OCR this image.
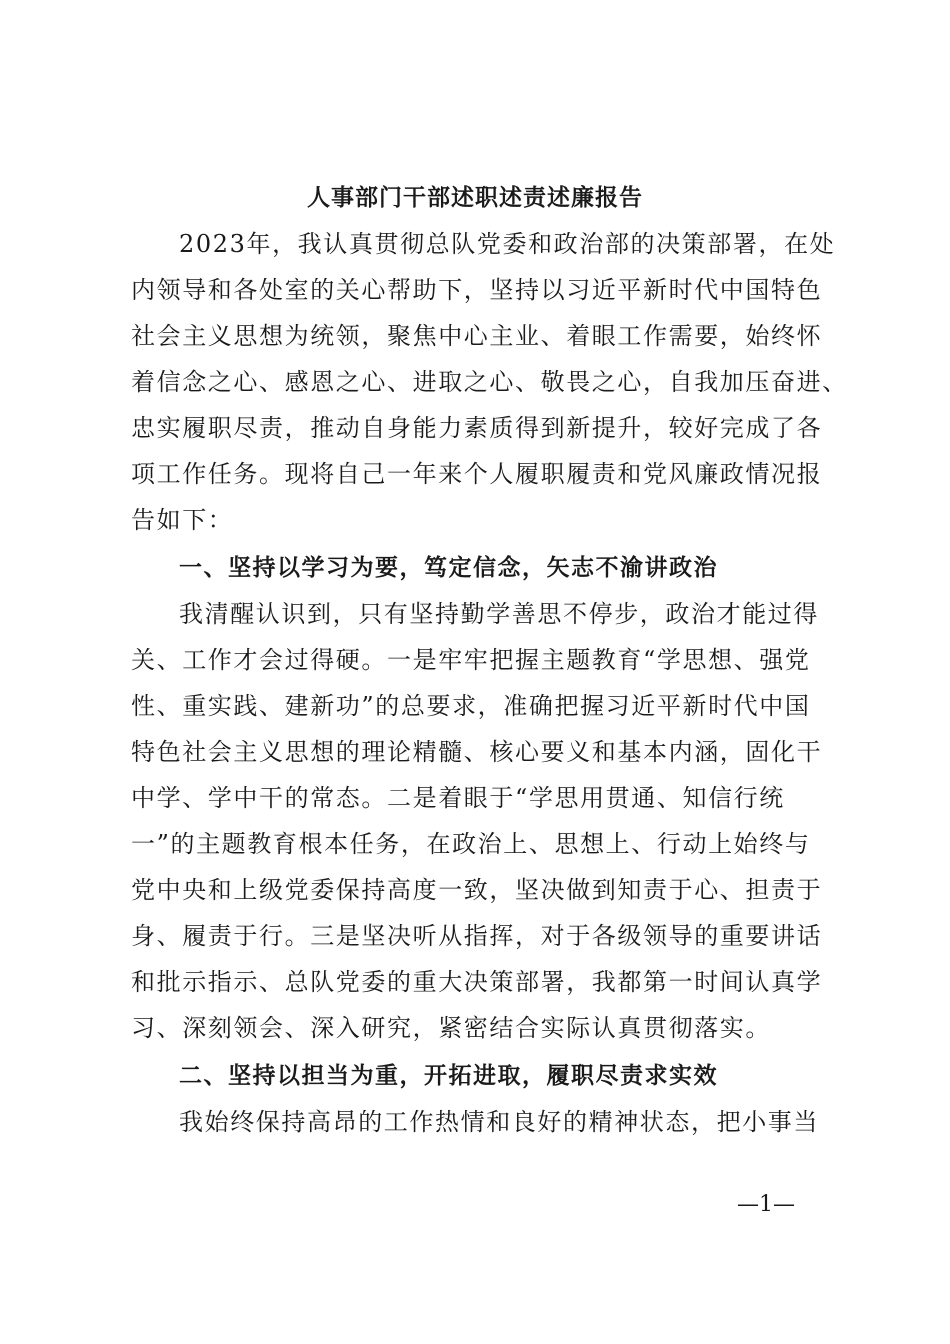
人事部门干部述职述责述廉报告
2023年，我认真贯彻总队党委和政治部的决策部署，在处
内领导和各处室的关心帮助下，坚持以习近平新时代中国特色
社会主义思想为统领，聚焦中心主业、着眼工作需要，始终怀
着信念之心、感恩之心、进取之心、敬畏之心，自我加压奋进、
忠实履职尽责，推动自身能力素质得到新提升，较好完成了各
项工作任务。现将自己一年来个人履职履责和党风廉政情况报
告如下：
一、坚持以学习为要，笃定信念，矢志不渝讲政治
我清醒认识到，只有坚持勤学善思不停步，政治才能过得
关、工作才会过得硬。一是牢牢把握主题教育“学思想、强党
性、重实践、建新功”的总要求，准确把握习近平新时代中国
特色社会主义思想的理论精髓、核心要义和基本内涵，固化干
中学、学中干的常态。二是着眼于“学思用贯通、知信行统
一”的主题教育根本任务，在政治上、思想上、行动上始终与
党中央和上级党委保持高度一致，坚决做到知责于心、担责于
身、履责于行。三是坚决听从指挥，对于各级领导的重要讲话
和批示指示、总队党委的重大决策部署，我都第一时间认真学
习、深刻领会、深入研究，紧密结合实际认真贯彻落实。
二、坚持以担当为重，开拓进取，履职尽责求实效
我始终保持高昂的工作热情和良好的精神状态，把小事当
—1—
